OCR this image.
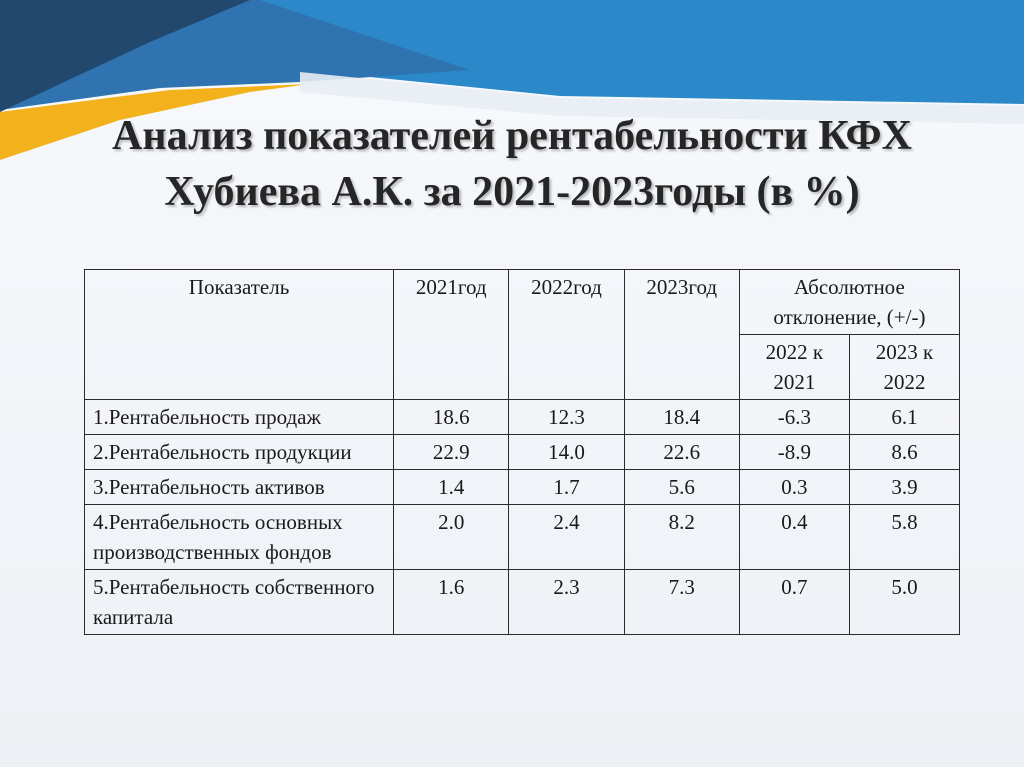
Анализ показателей рентабельности КФХ
Хубиева А.К. за 2021-2023годы (в %)
Показатель	2021год	2022год	2023год	Абсолютное отклонение, (+/-)	
				2022 к 2021	2023 к 2022
1.Рентабельность продаж	18.6	12.3	18.4	-6.3	6.1
2.Рентабельность продукции	22.9	14.0	22.6	-8.9	8.6
3.Рентабельность активов	1.4	1.7	5.6	0.3	3.9
4.Рентабельность основных производственных фондов	2.0	2.4	8.2	0.4	5.8
5.Рентабельность собственного капитала	1.6	2.3	7.3	0.7	5.0
